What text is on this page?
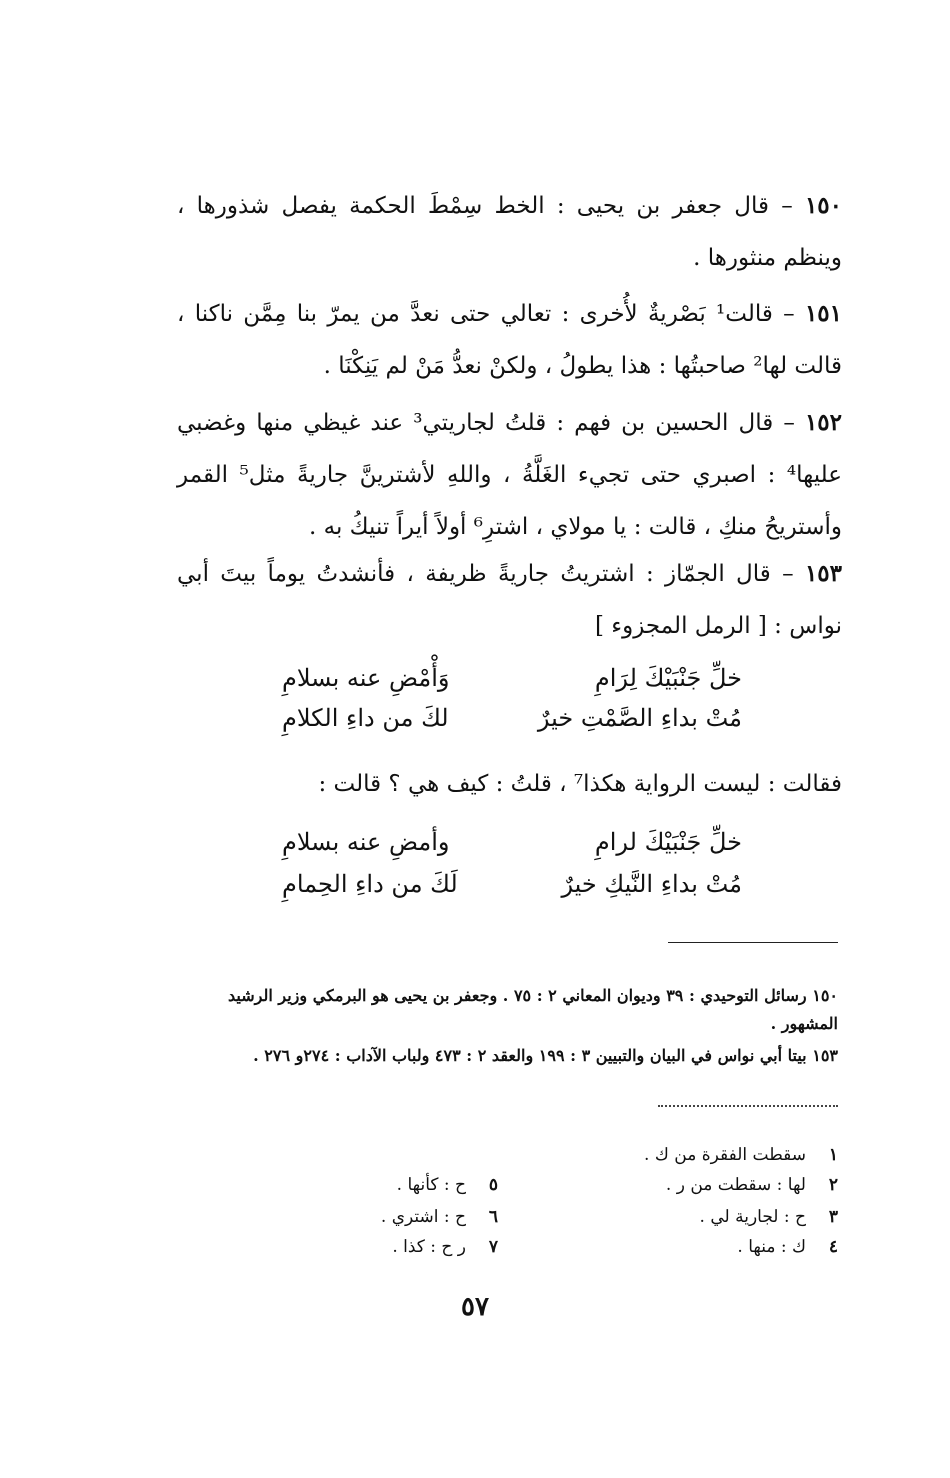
١٥٠ – قال جعفر بن يحيى : الخط سِمْطَ الحكمة يفصل شذورها ، وينظم منثورها .
١٥١ – قالت¹ بَصْريةٌ لأُخرى : تعالي حتى نعدَّ من يمرّ بنا مِمَّن ناكنا ، قالت لها² صاحبتُها : هذا يطولُ ، ولكنْ نعدُّ مَنْ لم يَنِكْنَا .
١٥٢ – قال الحسين بن فهم : قلتُ لجاريتي³ عند غيظي منها وغضبي عليها⁴ : اصبري حتى تجيء الغَلَّةُ ، واللهِ لأشترينَّ جاريةً مثل⁵ القمر وأستريحُ منكِ ، قالت : يا مولاي ، اشترِ⁶ أولاً أيراً تنيكُ به .
١٥٣ – قال الجمّاز : اشتريتُ جاريةً ظريفة ، فأنشدتُ يوماً بيتَ أبي نواس : [ الرمل المجزوء ]
خلِّ جَنْبَيْكَ لِرَامِ
وَأْمْضِ عنه بسلامِ
مُتْ بداءِ الصَّمْتِ خيرٌ
لكَ من داءِ الكلامِ
فقالت : ليست الرواية هكذا⁷ ، قلتُ : كيف هي ؟ قالت :
خلِّ جَنْبَيْكَ لرامِ
وأمضِ عنه بسلامِ
مُتْ بداءِ النَّيكِ خيرٌ
لَكَ من داءِ الحِمامِ
١٥٠ رسائل التوحيدي : ٣٩ وديوان المعاني ٢ : ٧٥ . وجعفر بن يحيى هو البرمكي وزير الرشيد المشهور .
١٥٣ بيتا أبي نواس في البيان والتبيين ٣ : ١٩٩ والعقد ٢ : ٤٧٣ ولباب الآداب : ٢٧٤و ٢٧٦ .
١سقطت الفقرة من ك .
٢لها : سقطت من ر .
٣ح : لجارية لي .
٤ك : منها .
٥ح : كأنها .
٦ح : اشتري .
٧ر ح : كذا .
٥٧
